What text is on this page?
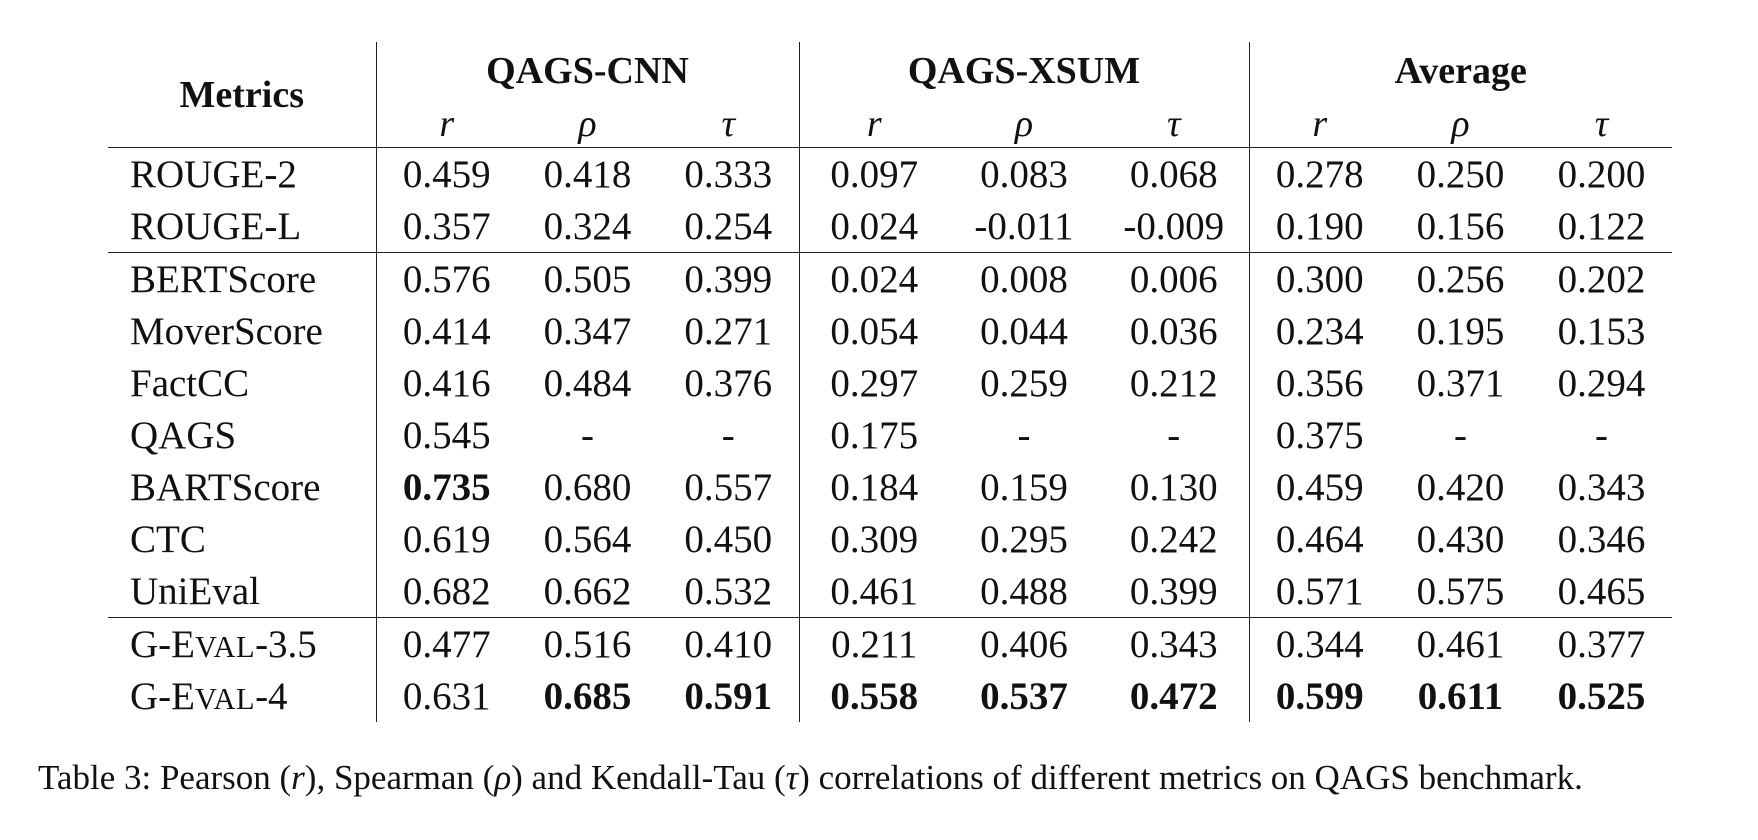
Metrics	QAGS-CNN			QAGS-XSUM			Average		
	r	ρ	τ	r	ρ	τ	r	ρ	τ
ROUGE-2	0.459	0.418	0.333	0.097	0.083	0.068	0.278	0.250	0.200
ROUGE-L	0.357	0.324	0.254	0.024	-0.011	-0.009	0.190	0.156	0.122
BERTScore	0.576	0.505	0.399	0.024	0.008	0.006	0.300	0.256	0.202
MoverScore	0.414	0.347	0.271	0.054	0.044	0.036	0.234	0.195	0.153
FactCC	0.416	0.484	0.376	0.297	0.259	0.212	0.356	0.371	0.294
QAGS	0.545	-	-	0.175	-	-	0.375	-	-
BARTScore	0.735	0.680	0.557	0.184	0.159	0.130	0.459	0.420	0.343
CTC	0.619	0.564	0.450	0.309	0.295	0.242	0.464	0.430	0.346
UniEval	0.682	0.662	0.532	0.461	0.488	0.399	0.571	0.575	0.465
G-EVAL-3.5	0.477	0.516	0.410	0.211	0.406	0.343	0.344	0.461	0.377
G-EVAL-4	0.631	0.685	0.591	0.558	0.537	0.472	0.599	0.611	0.525
Table 3: Pearson (r), Spearman (ρ) and Kendall-Tau (τ) correlations of different metrics on QAGS benchmark.
